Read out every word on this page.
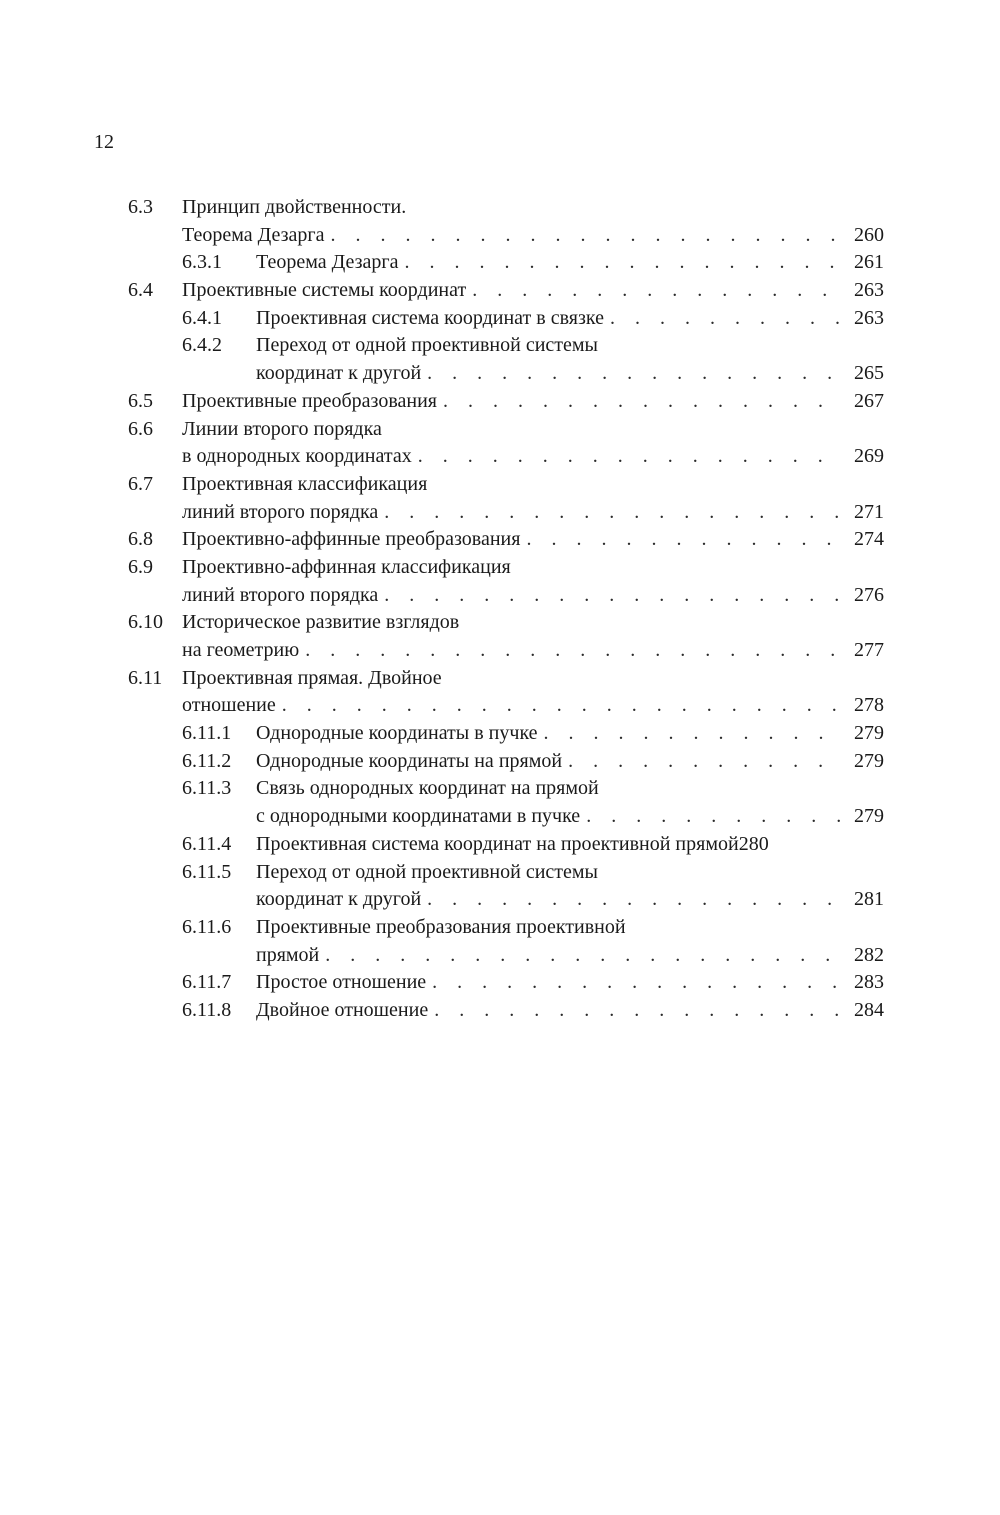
12
6.3 Принцип двойственности.
Теорема Дезарга . . .	260
6.3.1 Теорема Дезарга . . .	261
6.4 Проективные системы координат . . .	263
6.4.1 Проективная система координат в связке . . .	263
6.4.2 Переход от одной проективной системы
координат к другой . . .	265
6.5 Проективные преобразования . . .	267
6.6 Линии второго порядка
в однородных координатах . . .	269
6.7 Проективная классификация
линий второго порядка . . .	271
6.8 Проективно-аффинные преобразования . . .	274
6.9 Проективно-аффинная классификация
линий второго порядка . . .	276
6.10 Историческое развитие взглядов
на геометрию . . .	277
6.11 Проективная прямая. Двойное
отношение . . .	278
6.11.1 Однородные координаты в пучке . . .	279
6.11.2 Однородные координаты на прямой . . .	279
6.11.3 Связь однородных координат на прямой
с однородными координатами в пучке . . .	279
6.11.4 Проективная система координат на проективной прямой 280
6.11.5 Переход от одной проективной системы
координат к другой . . .	281
6.11.6 Проективные преобразования проективной
прямой . . .	282
6.11.7 Простое отношение . . .	283
6.11.8 Двойное отношение . . .	284
